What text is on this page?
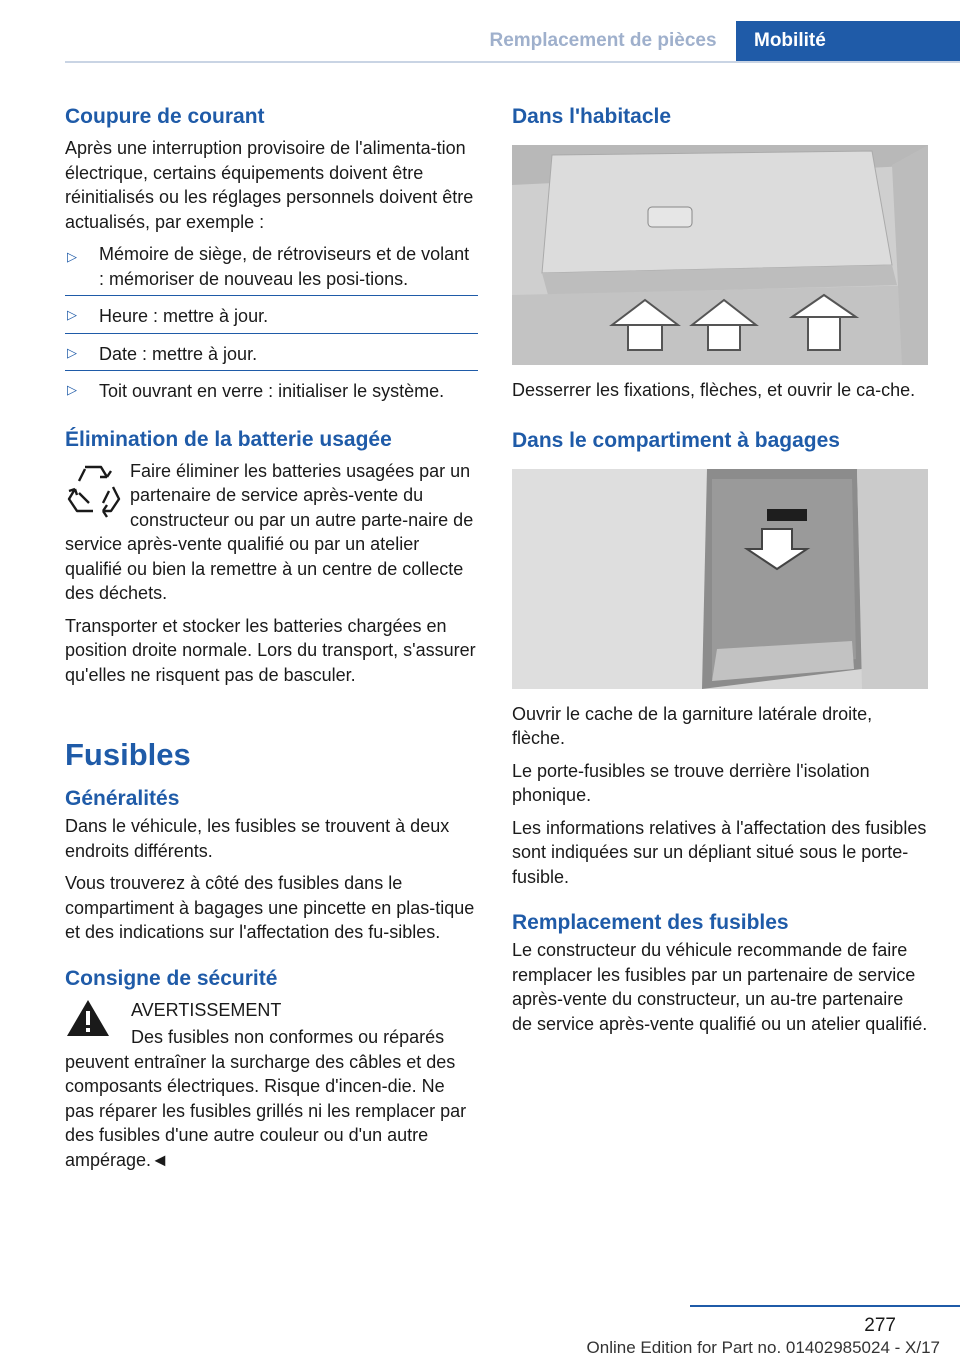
Remplacement de pièces	Mobilité
Coupure de courant
Après une interruption provisoire de l'alimenta‐tion électrique, certains équipements doivent être réinitialisés ou les réglages personnels doivent être actualisés, par exemple :
▷ Mémoire de siège, de rétroviseurs et de volant : mémoriser de nouveau les posi‐tions.
▷ Heure : mettre à jour.
▷ Date : mettre à jour.
▷ Toit ouvrant en verre : initialiser le système.
Élimination de la batterie usagée
Faire éliminer les batteries usagées par un partenaire de service après-vente du constructeur ou par un autre parte‐naire de service après-vente qualifié ou par un atelier qualifié ou bien la remettre à un centre de collecte des déchets.
Transporter et stocker les batteries chargées en position droite normale. Lors du transport, s'assurer qu'elles ne risquent pas de basculer.
Fusibles
Généralités
Dans le véhicule, les fusibles se trouvent à deux endroits différents.
Vous trouverez à côté des fusibles dans le compartiment à bagages une pincette en plas‐tique et des indications sur l'affectation des fu‐sibles.
Consigne de sécurité
AVERTISSEMENT
Des fusibles non conformes ou réparés peuvent entraîner la surcharge des câbles et des composants électriques. Risque d'incen‐die. Ne pas réparer les fusibles grillés ni les remplacer par des fusibles d'une autre couleur ou d'un autre ampérage.◄
Dans l'habitacle
Desserrer les fixations, flèches, et ouvrir le ca‐che.
Dans le compartiment à bagages
Ouvrir le cache de la garniture latérale droite, flèche.
Le porte-fusibles se trouve derrière l'isolation phonique.
Les informations relatives à l'affectation des fusibles sont indiquées sur un dépliant situé sous le porte-fusible.
Remplacement des fusibles
Le constructeur du véhicule recommande de faire remplacer les fusibles par un partenaire de service après-vente du constructeur, un au‐tre partenaire de service après-vente qualifié ou un atelier qualifié.
277
Online Edition for Part no. 01402985024 - X/17
